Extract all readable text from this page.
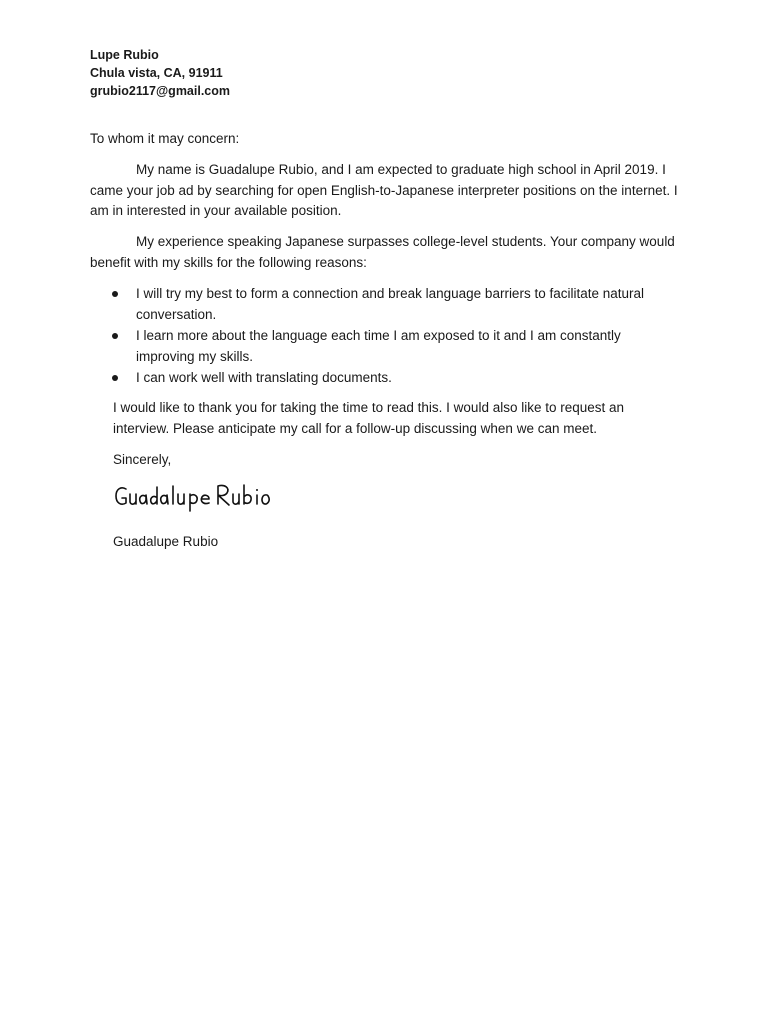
Lupe Rubio
Chula vista, CA, 91911
grubio2117@gmail.com
To whom it may concern:

My name is Guadalupe Rubio, and I am expected to graduate high school in April 2019. I came your job ad by searching for open English-to-Japanese interpreter positions on the internet. I am in interested in your available position.

My experience speaking Japanese surpasses college-level students. Your company would benefit with my skills for the following reasons:

I will try my best to form a connection and break language barriers to facilitate natural conversation.
I learn more about the language each time I am exposed to it and I am constantly improving my skills.
I can work well with translating documents.

I would like to thank you for taking the time to read this. I would also like to request an interview. Please anticipate my call for a follow-up discussing when we can meet.

Sincerely,
Guadalupe Rubio
